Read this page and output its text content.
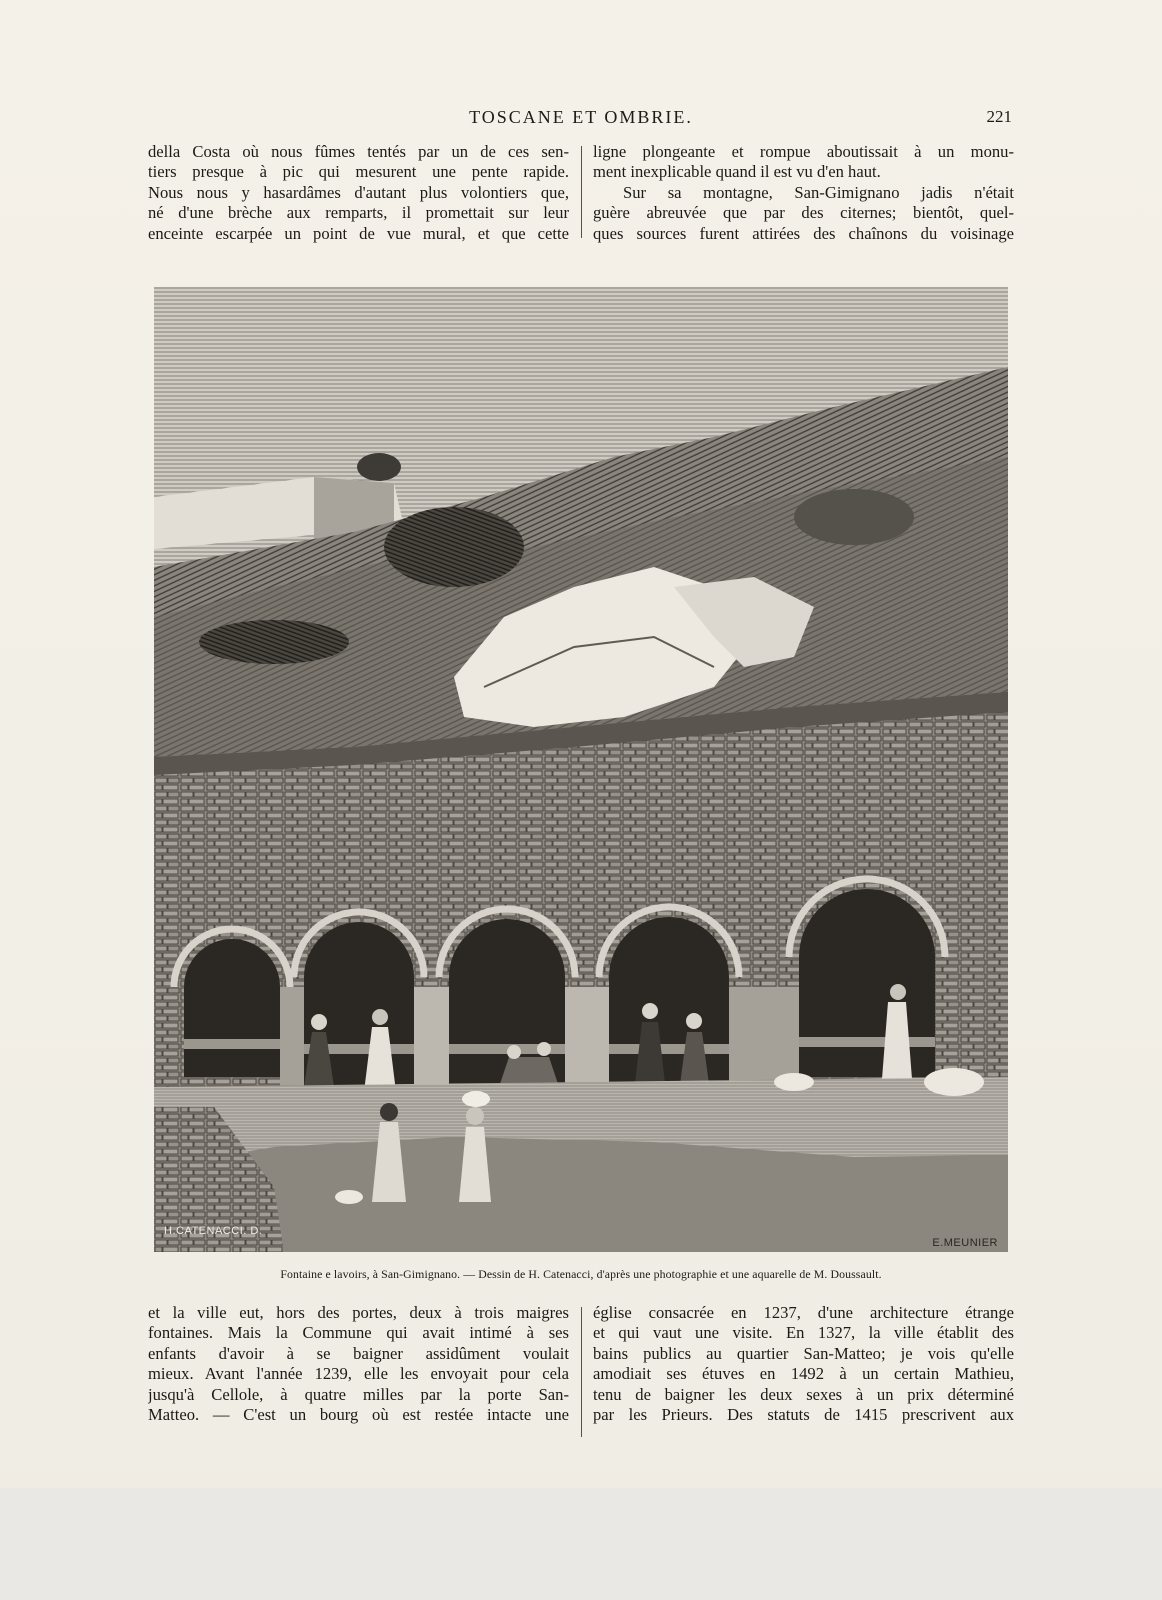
TOSCANE ET OMBRIE.	221
della Costa où nous fûmes tentés par un de ces sen-
tiers presque à pic qui mesurent une pente rapide.
Nous nous y hasardâmes d'autant plus volontiers que,
né d'une brèche aux remparts, il promettait sur leur
enceinte escarpée un point de vue mural, et que cette
ligne plongeante et rompue aboutissait à un monu-
ment inexplicable quand il est vu d'en haut.
Sur sa montagne, San-Gimignano jadis n'était
guère abreuvée que par des citernes; bientôt, quel-
ques sources furent attirées des chaînons du voisinage
H.CATENACCI. D.
E.MEUNIER
Fontaine e lavoirs, à San-Gimignano. — Dessin de H. Catenacci, d'après une photographie et une aquarelle de M. Doussault.
et la ville eut, hors des portes, deux à trois maigres
fontaines. Mais la Commune qui avait intimé à ses
enfants d'avoir à se baigner assidûment voulait
mieux. Avant l'année 1239, elle les envoyait pour cela
jusqu'à Cellole, à quatre milles par la porte San-
Matteo. — C'est un bourg où est restée intacte une
église consacrée en 1237, d'une architecture étrange
et qui vaut une visite. En 1327, la ville établit des
bains publics au quartier San-Matteo; je vois qu'elle
amodiait ses étuves en 1492 à un certain Mathieu,
tenu de baigner les deux sexes à un prix déterminé
par les Prieurs. Des statuts de 1415 prescrivent aux
